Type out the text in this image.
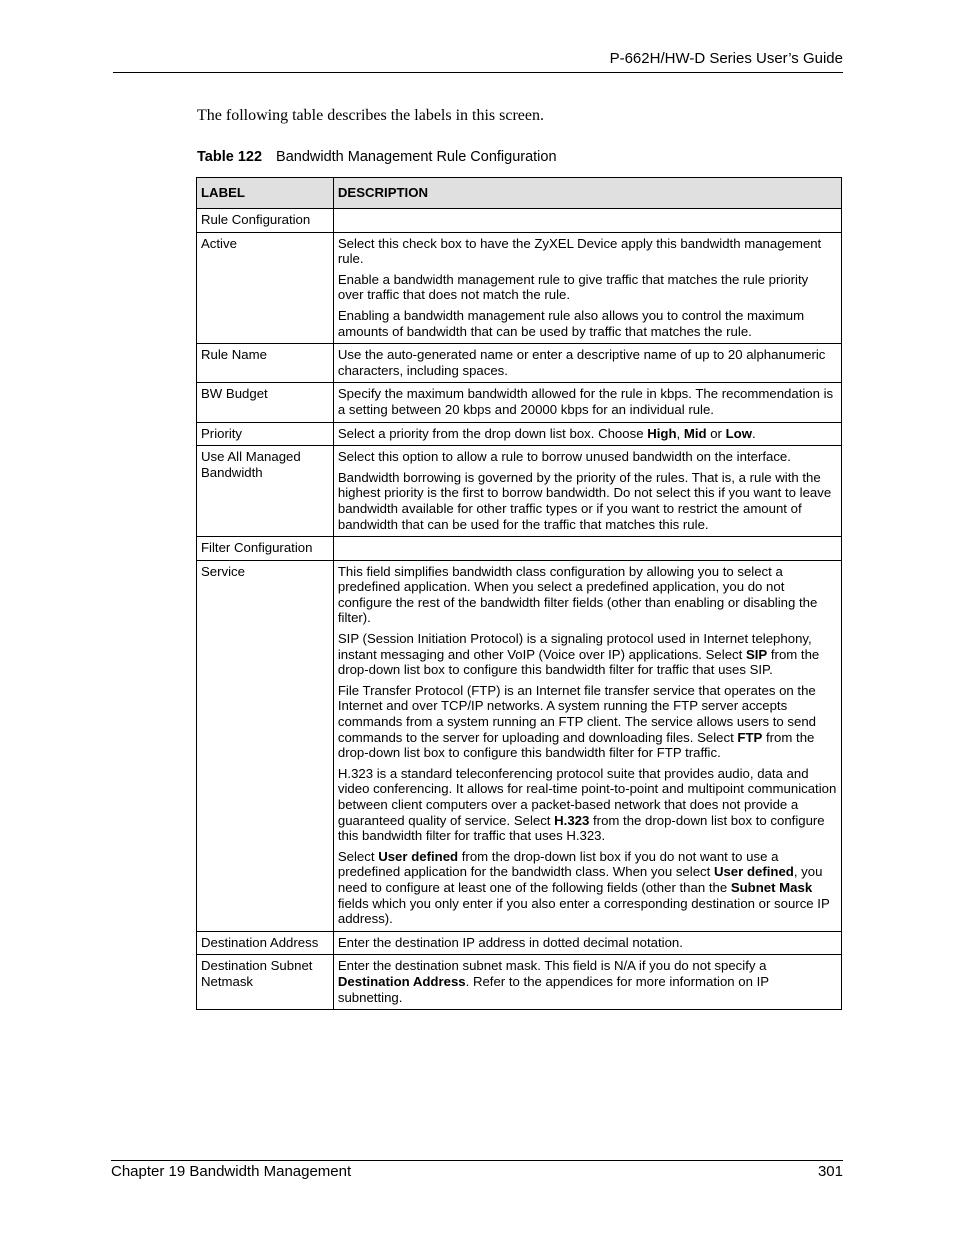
P-662H/HW-D Series User’s Guide
The following table describes the labels in this screen.
Table 122 Bandwidth Management Rule Configuration
LABEL	DESCRIPTION
Rule Configuration	
Active	Select this check box to have the ZyXEL Device apply this bandwidth management rule.

Enable a bandwidth management rule to give traffic that matches the rule priority over traffic that does not match the rule.

Enabling a bandwidth management rule also allows you to control the maximum amounts of bandwidth that can be used by traffic that matches the rule.

Rule Name	Use the auto-generated name or enter a descriptive name of up to 20 alphanumeric characters, including spaces.

BW Budget	Specify the maximum bandwidth allowed for the rule in kbps. The recommendation is a setting between 20 kbps and 20000 kbps for an individual rule.

Priority	Select a priority from the drop down list box. Choose High, Mid or Low.

Use All Managed Bandwidth	Select this option to allow a rule to borrow unused bandwidth on the interface.

Bandwidth borrowing is governed by the priority of the rules. That is, a rule with the highest priority is the first to borrow bandwidth. Do not select this if you want to leave bandwidth available for other traffic types or if you want to restrict the amount of bandwidth that can be used for the traffic that matches this rule.

Filter Configuration	
Service	This field simplifies bandwidth class configuration by allowing you to select a predefined application. When you select a predefined application, you do not configure the rest of the bandwidth filter fields (other than enabling or disabling the filter).

SIP (Session Initiation Protocol) is a signaling protocol used in Internet telephony, instant messaging and other VoIP (Voice over IP) applications. Select SIP from the drop-down list box to configure this bandwidth filter for traffic that uses SIP.

File Transfer Protocol (FTP) is an Internet file transfer service that operates on the Internet and over TCP/IP networks. A system running the FTP server accepts commands from a system running an FTP client. The service allows users to send commands to the server for uploading and downloading files. Select FTP from the drop-down list box to configure this bandwidth filter for FTP traffic.

H.323 is a standard teleconferencing protocol suite that provides audio, data and video conferencing. It allows for real-time point-to-point and multipoint communication between client computers over a packet-based network that does not provide a guaranteed quality of service. Select H.323 from the drop-down list box to configure this bandwidth filter for traffic that uses H.323.

Select User defined from the drop-down list box if you do not want to use a predefined application for the bandwidth class. When you select User defined, you need to configure at least one of the following fields (other than the Subnet Mask fields which you only enter if you also enter a corresponding destination or source IP address).

Destination Address	Enter the destination IP address in dotted decimal notation.

Destination Subnet Netmask	Enter the destination subnet mask. This field is N/A if you do not specify a Destination Address. Refer to the appendices for more information on IP subnetting.

Chapter 19 Bandwidth Management	301
